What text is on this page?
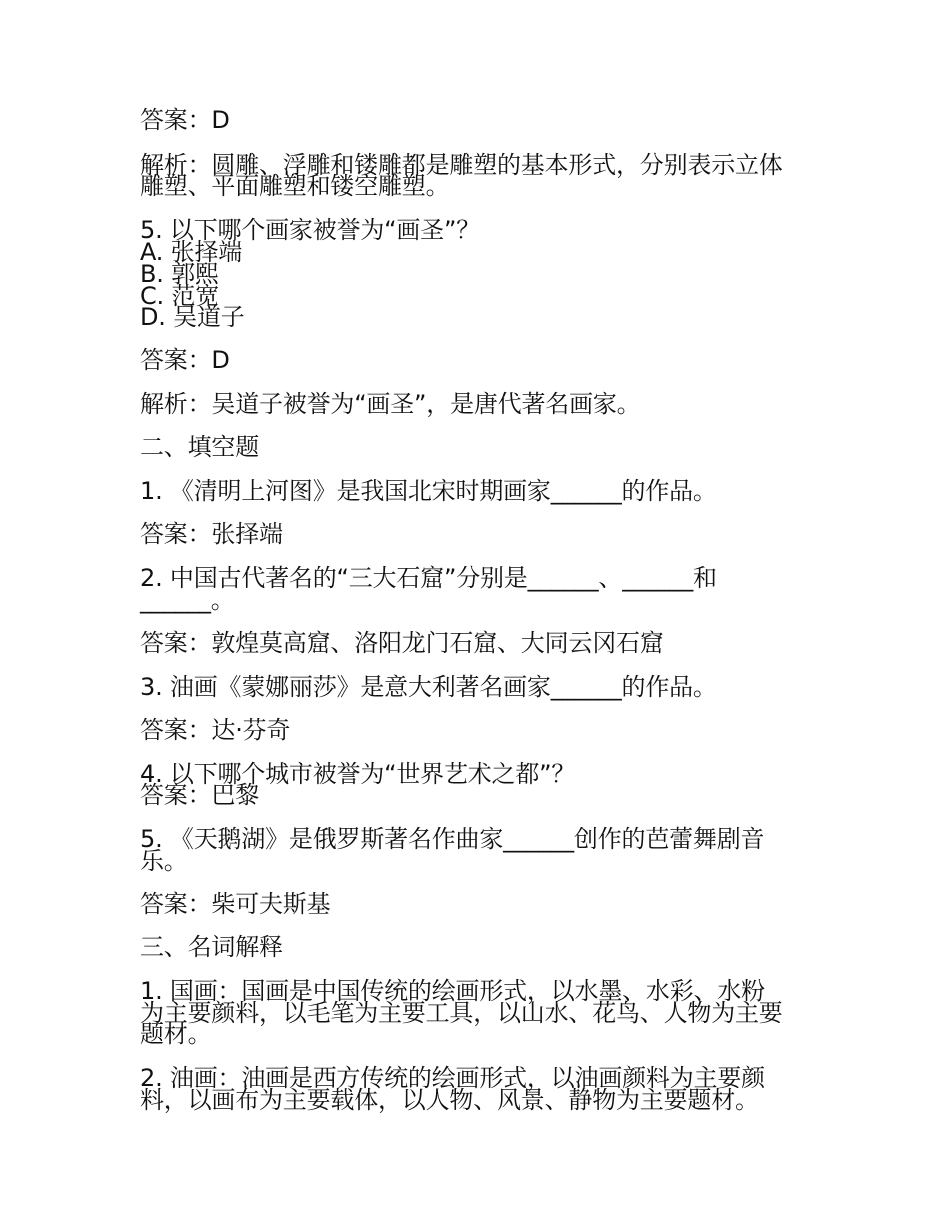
答案：D
解析：圆雕、浮雕和镂雕都是雕塑的基本形式，分别表示立体
雕塑、平面雕塑和镂空雕塑。
5. 以下哪个画家被誉为“画圣”？
A. 张择端
B. 郭熙
C. 范宽
D. 吴道子
答案：D
解析：吴道子被誉为“画圣”，是唐代著名画家。
二、填空题
1. 《清明上河图》是我国北宋时期画家______的作品。
答案：张择端
2. 中国古代著名的“三大石窟”分别是______、______和
______。
答案：敦煌莫高窟、洛阳龙门石窟、大同云冈石窟
3. 油画《蒙娜丽莎》是意大利著名画家______的作品。
答案：达·芬奇
4. 以下哪个城市被誉为“世界艺术之都”？
答案：巴黎
5. 《天鹅湖》是俄罗斯著名作曲家______创作的芭蕾舞剧音
乐。
答案：柴可夫斯基
三、名词解释
1. 国画：国画是中国传统的绘画形式，以水墨、水彩、水粉
为主要颜料，以毛笔为主要工具，以山水、花鸟、人物为主要
题材。
2. 油画：油画是西方传统的绘画形式，以油画颜料为主要颜
料，以画布为主要载体，以人物、风景、静物为主要题材。
